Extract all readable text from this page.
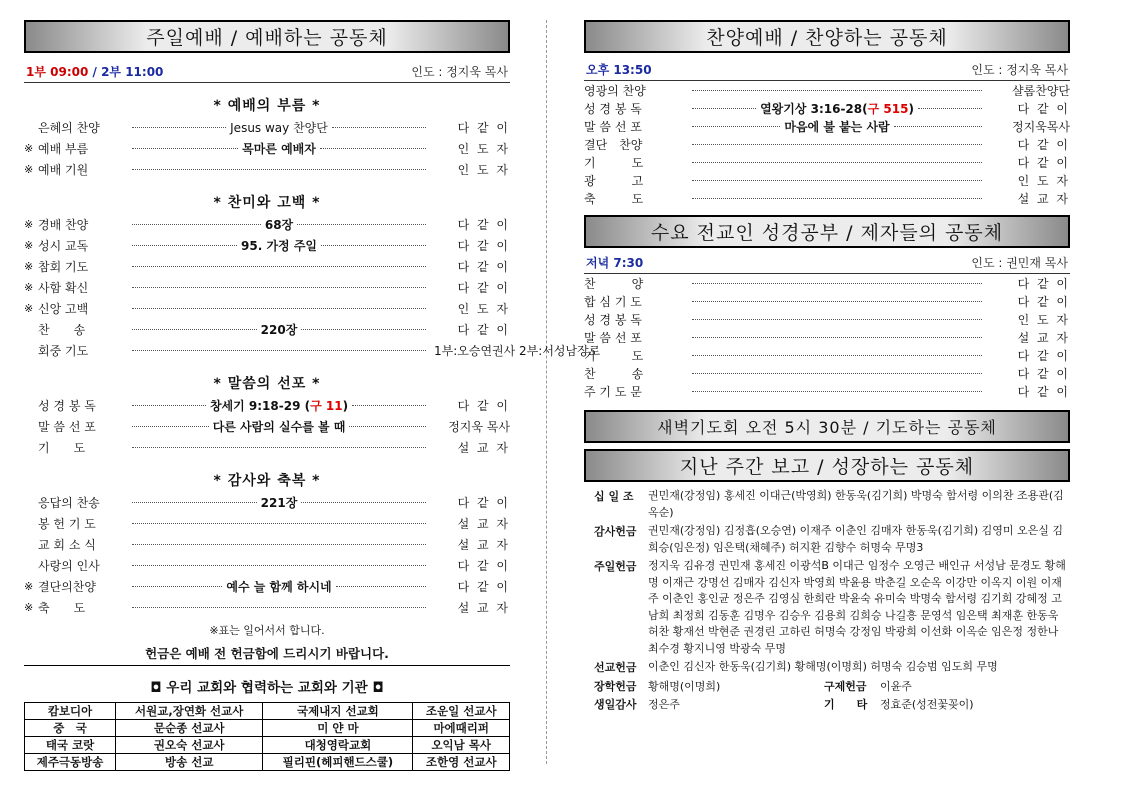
주일예배 / 예배하는 공동체
1부 09:00 / 2부 11:00	인도 : 정지욱 목사
* 예배의 부름 *
은혜의 찬양	Jesus way 찬양단	다 같 이
※ 예배 부름	목마른 예배자	인 도 자
※ 예배 기원	인 도 자
* 찬미와 고백 *
※ 경배 찬양	68장	다 같 이
※ 성시 교독	95. 가정 주일	다 같 이
※ 참회 기도	다 같 이
※ 사함 확신	다 같 이
※ 신앙 고백	인 도 자
찬　　송	220장	다 같 이
회중 기도	1부:오승연권사 2부:서성남장로
* 말씀의 선포 *
성 경 봉 독	창세기 9:18-29 (구 11)	다 같 이
말 씀 선 포	다른 사람의 실수를 볼 때	정지욱 목사
기　　도	설 교 자
* 감사와 축복 *
응답의 찬송	221장	다 같 이
봉 헌 기 도	설 교 자
교 회 소 식	설 교 자
사랑의 인사	다 같 이
※ 결단의찬양	예수 늘 함께 하시네	다 같 이
※ 축　　도	설 교 자
※표는 일어서서 합니다.
헌금은 예배 전 헌금함에 드리시기 바랍니다.
◘ 우리 교회와 협력하는 교회와 기관 ◘
캄보디아	서원교,장연화 선교사	국제내지 선교회	조운일 선교사
중　국	문순종 선교사	미 얀 마	마에때리퍼
태국 코랏	권오숙 선교사	대청영락교회	오익남 목사
제주극동방송	방송 선교	필리핀(헤피핸드스쿨)	조한영 선교사
찬양예배 / 찬양하는 공동체
오후 13:50	인도 : 정지욱 목사
영광의 찬양	샬롬찬양단
성 경 봉 독	열왕기상 3:16-28(구 515)	다 같 이
말 씀 선 포	마음에 불 붙는 사람	정지욱목사
결단　찬양	다 같 이
기　　　도	다 같 이
광　　　고	인 도 자
축　　　도	설 교 자
수요 전교인 성경공부 / 제자들의 공동체
저녁 7:30	인도 : 권민재 목사
찬　　　양	다 같 이
합 심 기 도	다 같 이
성 경 봉 독	인 도 자
말 씀 선 포	설 교 자
기　　　도	다 같 이
찬　　　송	다 같 이
주 기 도 문	다 같 이
새벽기도회 오전 5시 30분 / 기도하는 공동체
지난 주간 보고 / 성장하는 공동체
십 일 조	권민재(강정임) 홍세진 이대근(박영희) 한동욱(김기희) 박명숙 함서령 이의찬 조용관(김옥순)
감사헌금	권민재(강정임) 김정흡(오승연) 이재주 이춘인 김매자 한동욱(김기희) 김영미 오은실 김희승(임은정) 임은택(채혜주) 허지환 김향수 허명숙 무명3
주일헌금	정지욱 김유경 권민재 홍세진 이광석B 이대근 임정수 오영근 배인규 서성남 문경도 황해명 이재근 강명선 김매자 김신자 박영희 박윤용 박춘길 오순옥 이강만 이옥지 이원 이재주 이춘인 홍인균 정은주 김영심 한희란 박윤숙 유미숙 박명숙 함서령 김기희 강혜정 고남희 최정희 김동훈 김명우 김승우 김용희 김희승 나길흥 문영석 임은택 최재훈 한동욱 허찬 황재선 박현준 권경린 고하린 허명숙 강정임 박광희 이선화 이옥순 임은정 정한나 최수경 황지니영 박광숙 무명
선교헌금	이춘인 김신자 한동욱(김기희) 황해명(이명희) 허명숙 김승범 임도희 무명
장학헌금	황해명(이명희)	구제헌금	이윤주
생일감사	정은주	기　　타	정효준(성전꽃꽂이)
